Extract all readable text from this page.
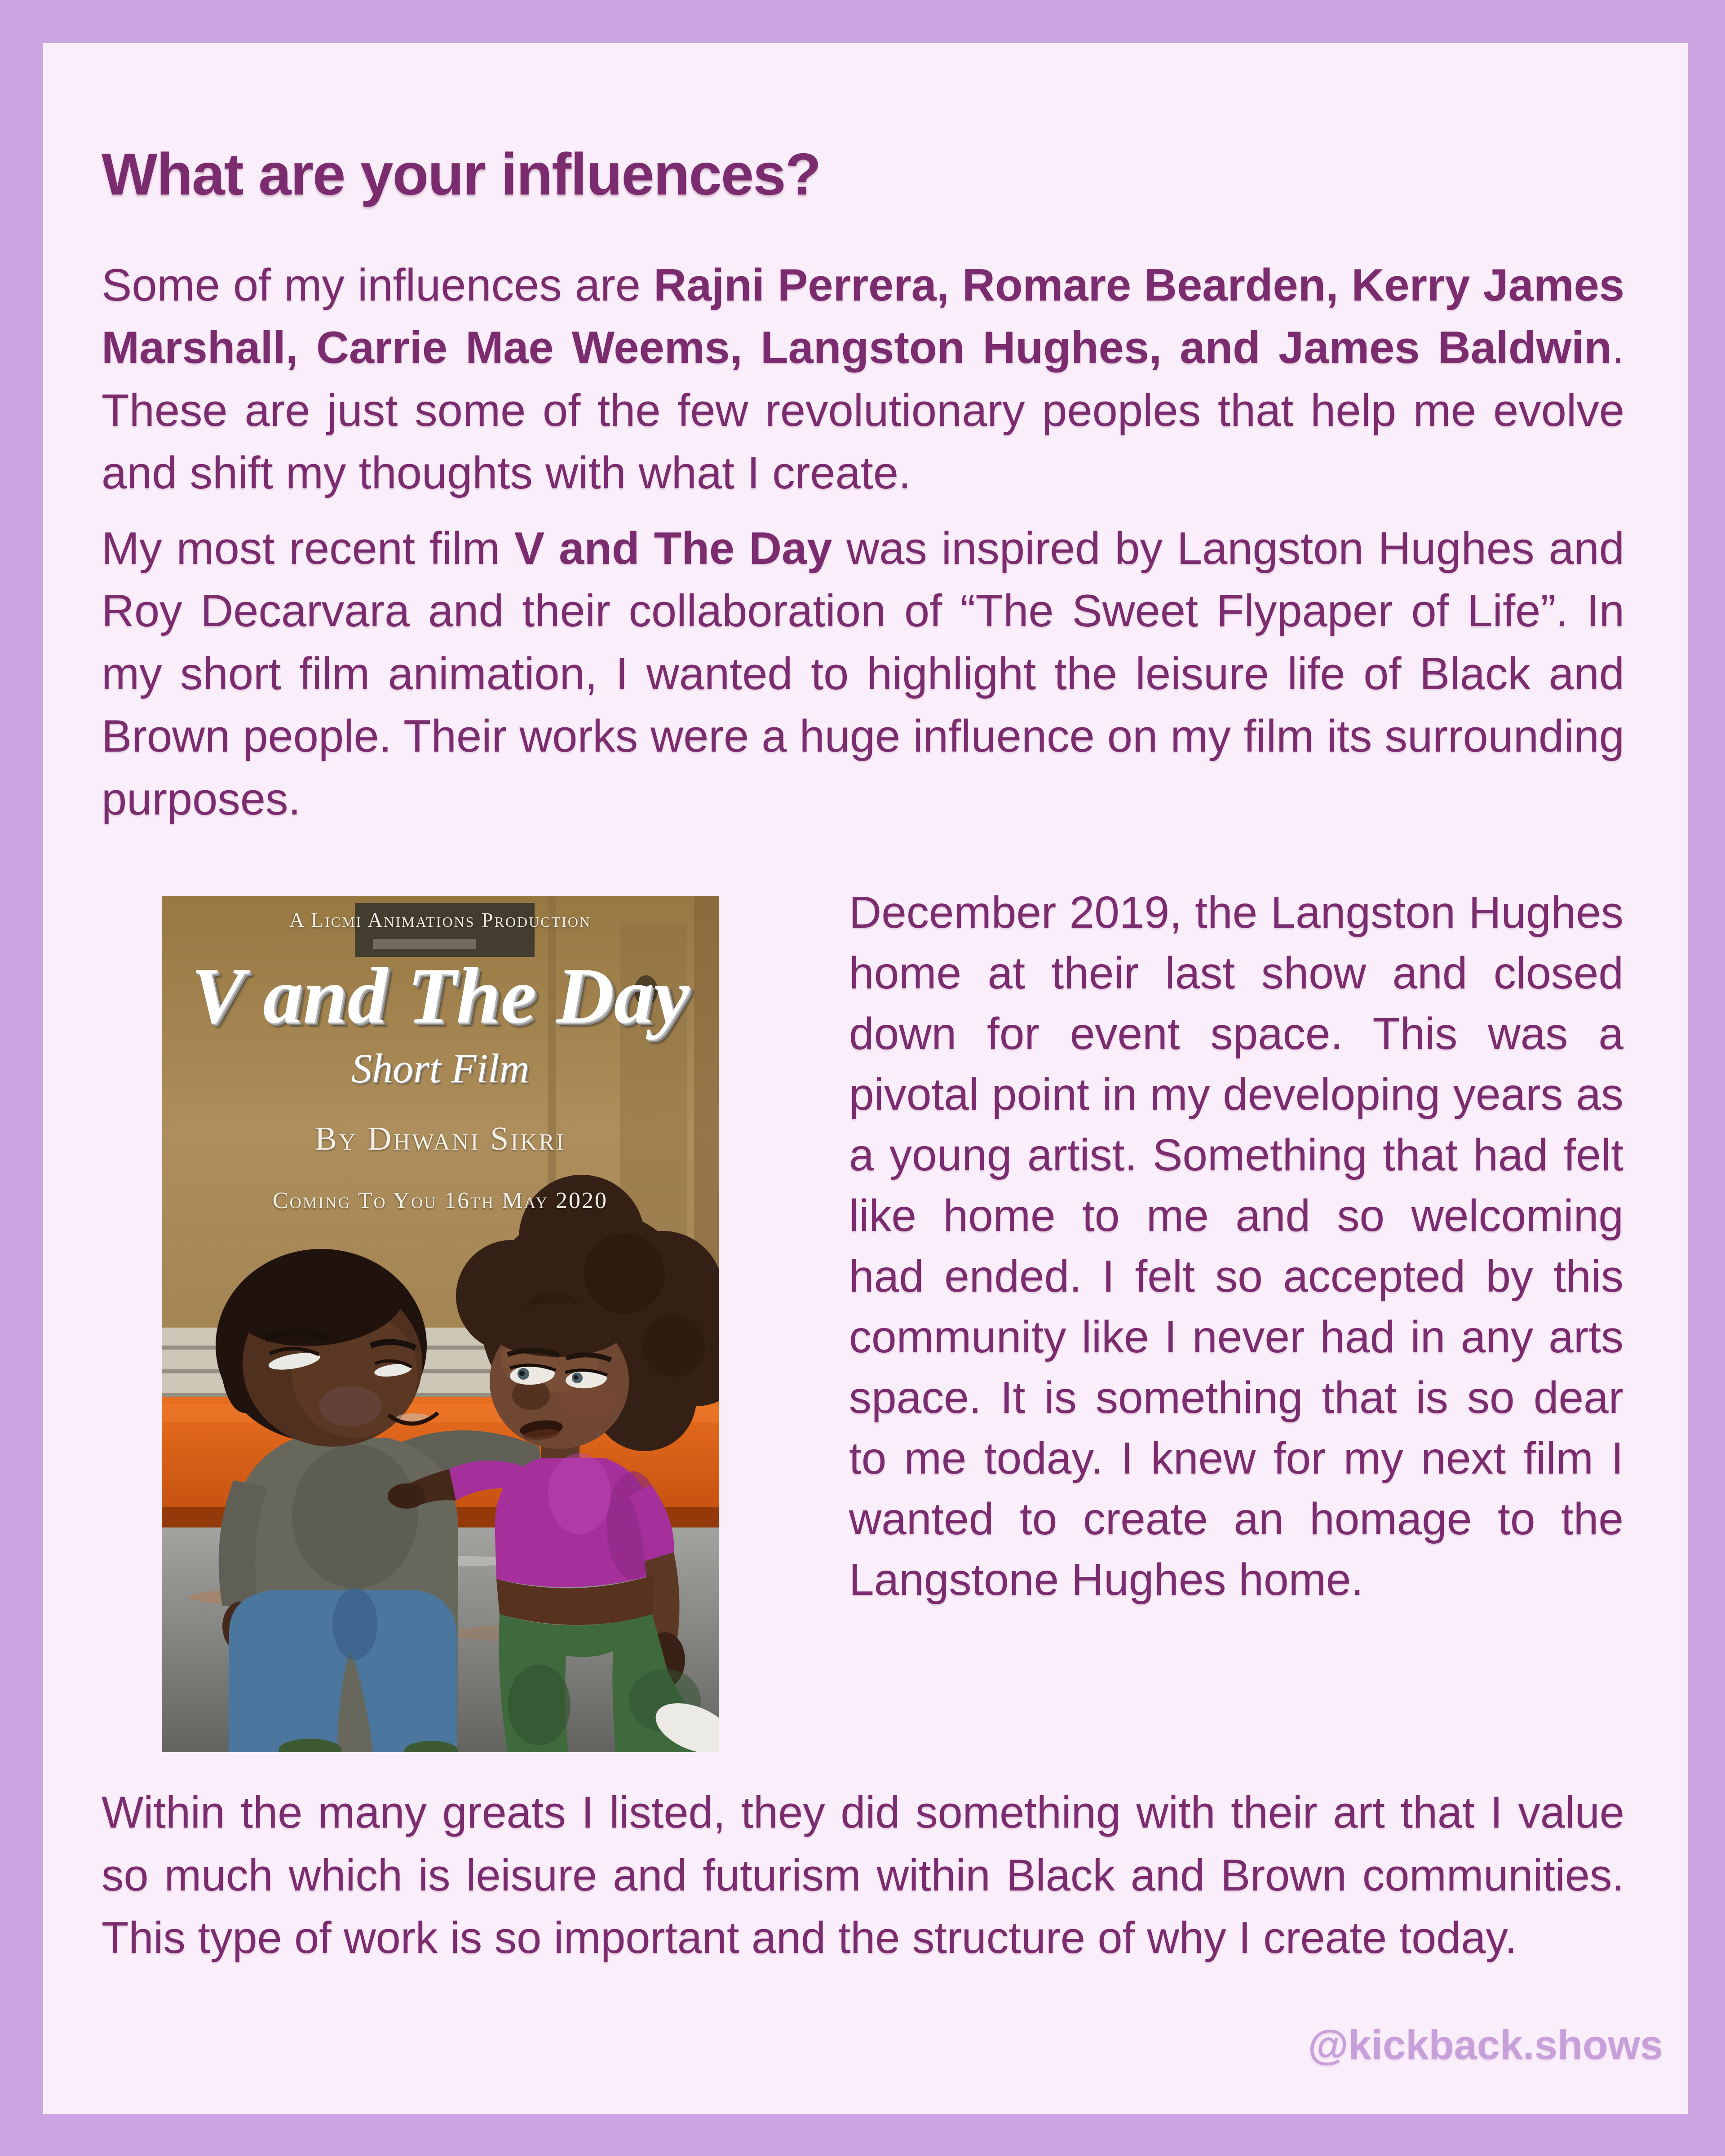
What are your influences?

Some of my influences are Rajni Perrera, Romare Bearden, Kerry James Marshall, Carrie Mae Weems, Langston Hughes, and James Baldwin. These are just some of the few revolutionary peoples that help me evolve and shift my thoughts with what I create.

My most recent film V and The Day was inspired by Langston Hughes and Roy Decarvara and their collaboration of “The Sweet Flypaper of Life”. In my short film animation, I wanted to highlight the leisure life of Black and Brown people. Their works were a huge influence on my film its surrounding purposes.

A Licmi Animations Production

V and The Day

Short Film

By Dhwani Sikri

Coming To You 16th May 2020

December 2019, the Langston Hughes home at their last show and closed down for event space. This was a pivotal point in my developing years as a young artist. Something that had felt like home to me and so welcoming had ended. I felt so accepted by this community like I never had in any arts space. It is something that is so dear to me today. I knew for my next film I wanted to create an homage to the Langstone Hughes home.

Within the many greats I listed, they did something with their art that I value so much which is leisure and futurism within Black and Brown communities. This type of work is so important and the structure of why I create today.

@kickback.shows
